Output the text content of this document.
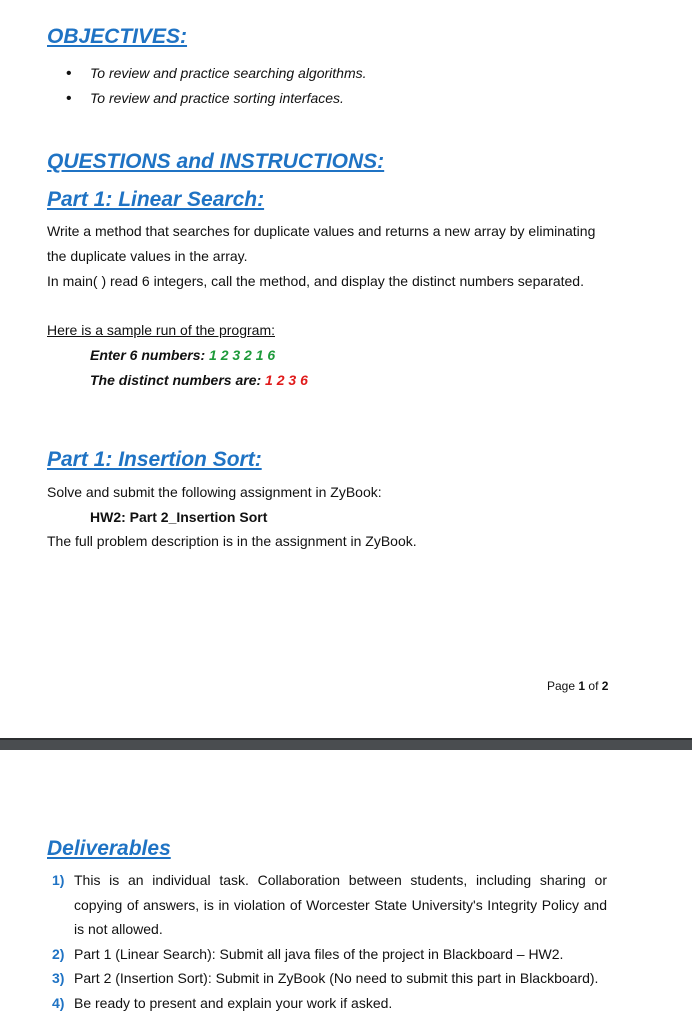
OBJECTIVES:
• To review and practice searching algorithms.
• To review and practice sorting interfaces.
QUESTIONS and INSTRUCTIONS:
Part 1: Linear Search:
Write a method that searches for duplicate values and returns a new array by eliminating
the duplicate values in the array.
In main( ) read 6 integers, call the method, and display the distinct numbers separated.
Here is a sample run of the program:
Enter 6 numbers: 1 2 3 2 1 6
The distinct numbers are: 1 2 3 6
Part 1: Insertion Sort:
Solve and submit the following assignment in ZyBook:
HW2: Part 2_Insertion Sort
The full problem description is in the assignment in ZyBook.
Page 1 of 2
Deliverables
1) This is an individual task. Collaboration between students, including sharing or copying of answers, is in violation of Worcester State University's Integrity Policy and is not allowed.
2) Part 1 (Linear Search): Submit all java files of the project in Blackboard – HW2.
3) Part 2 (Insertion Sort): Submit in ZyBook (No need to submit this part in Blackboard).
4) Be ready to present and explain your work if asked.
